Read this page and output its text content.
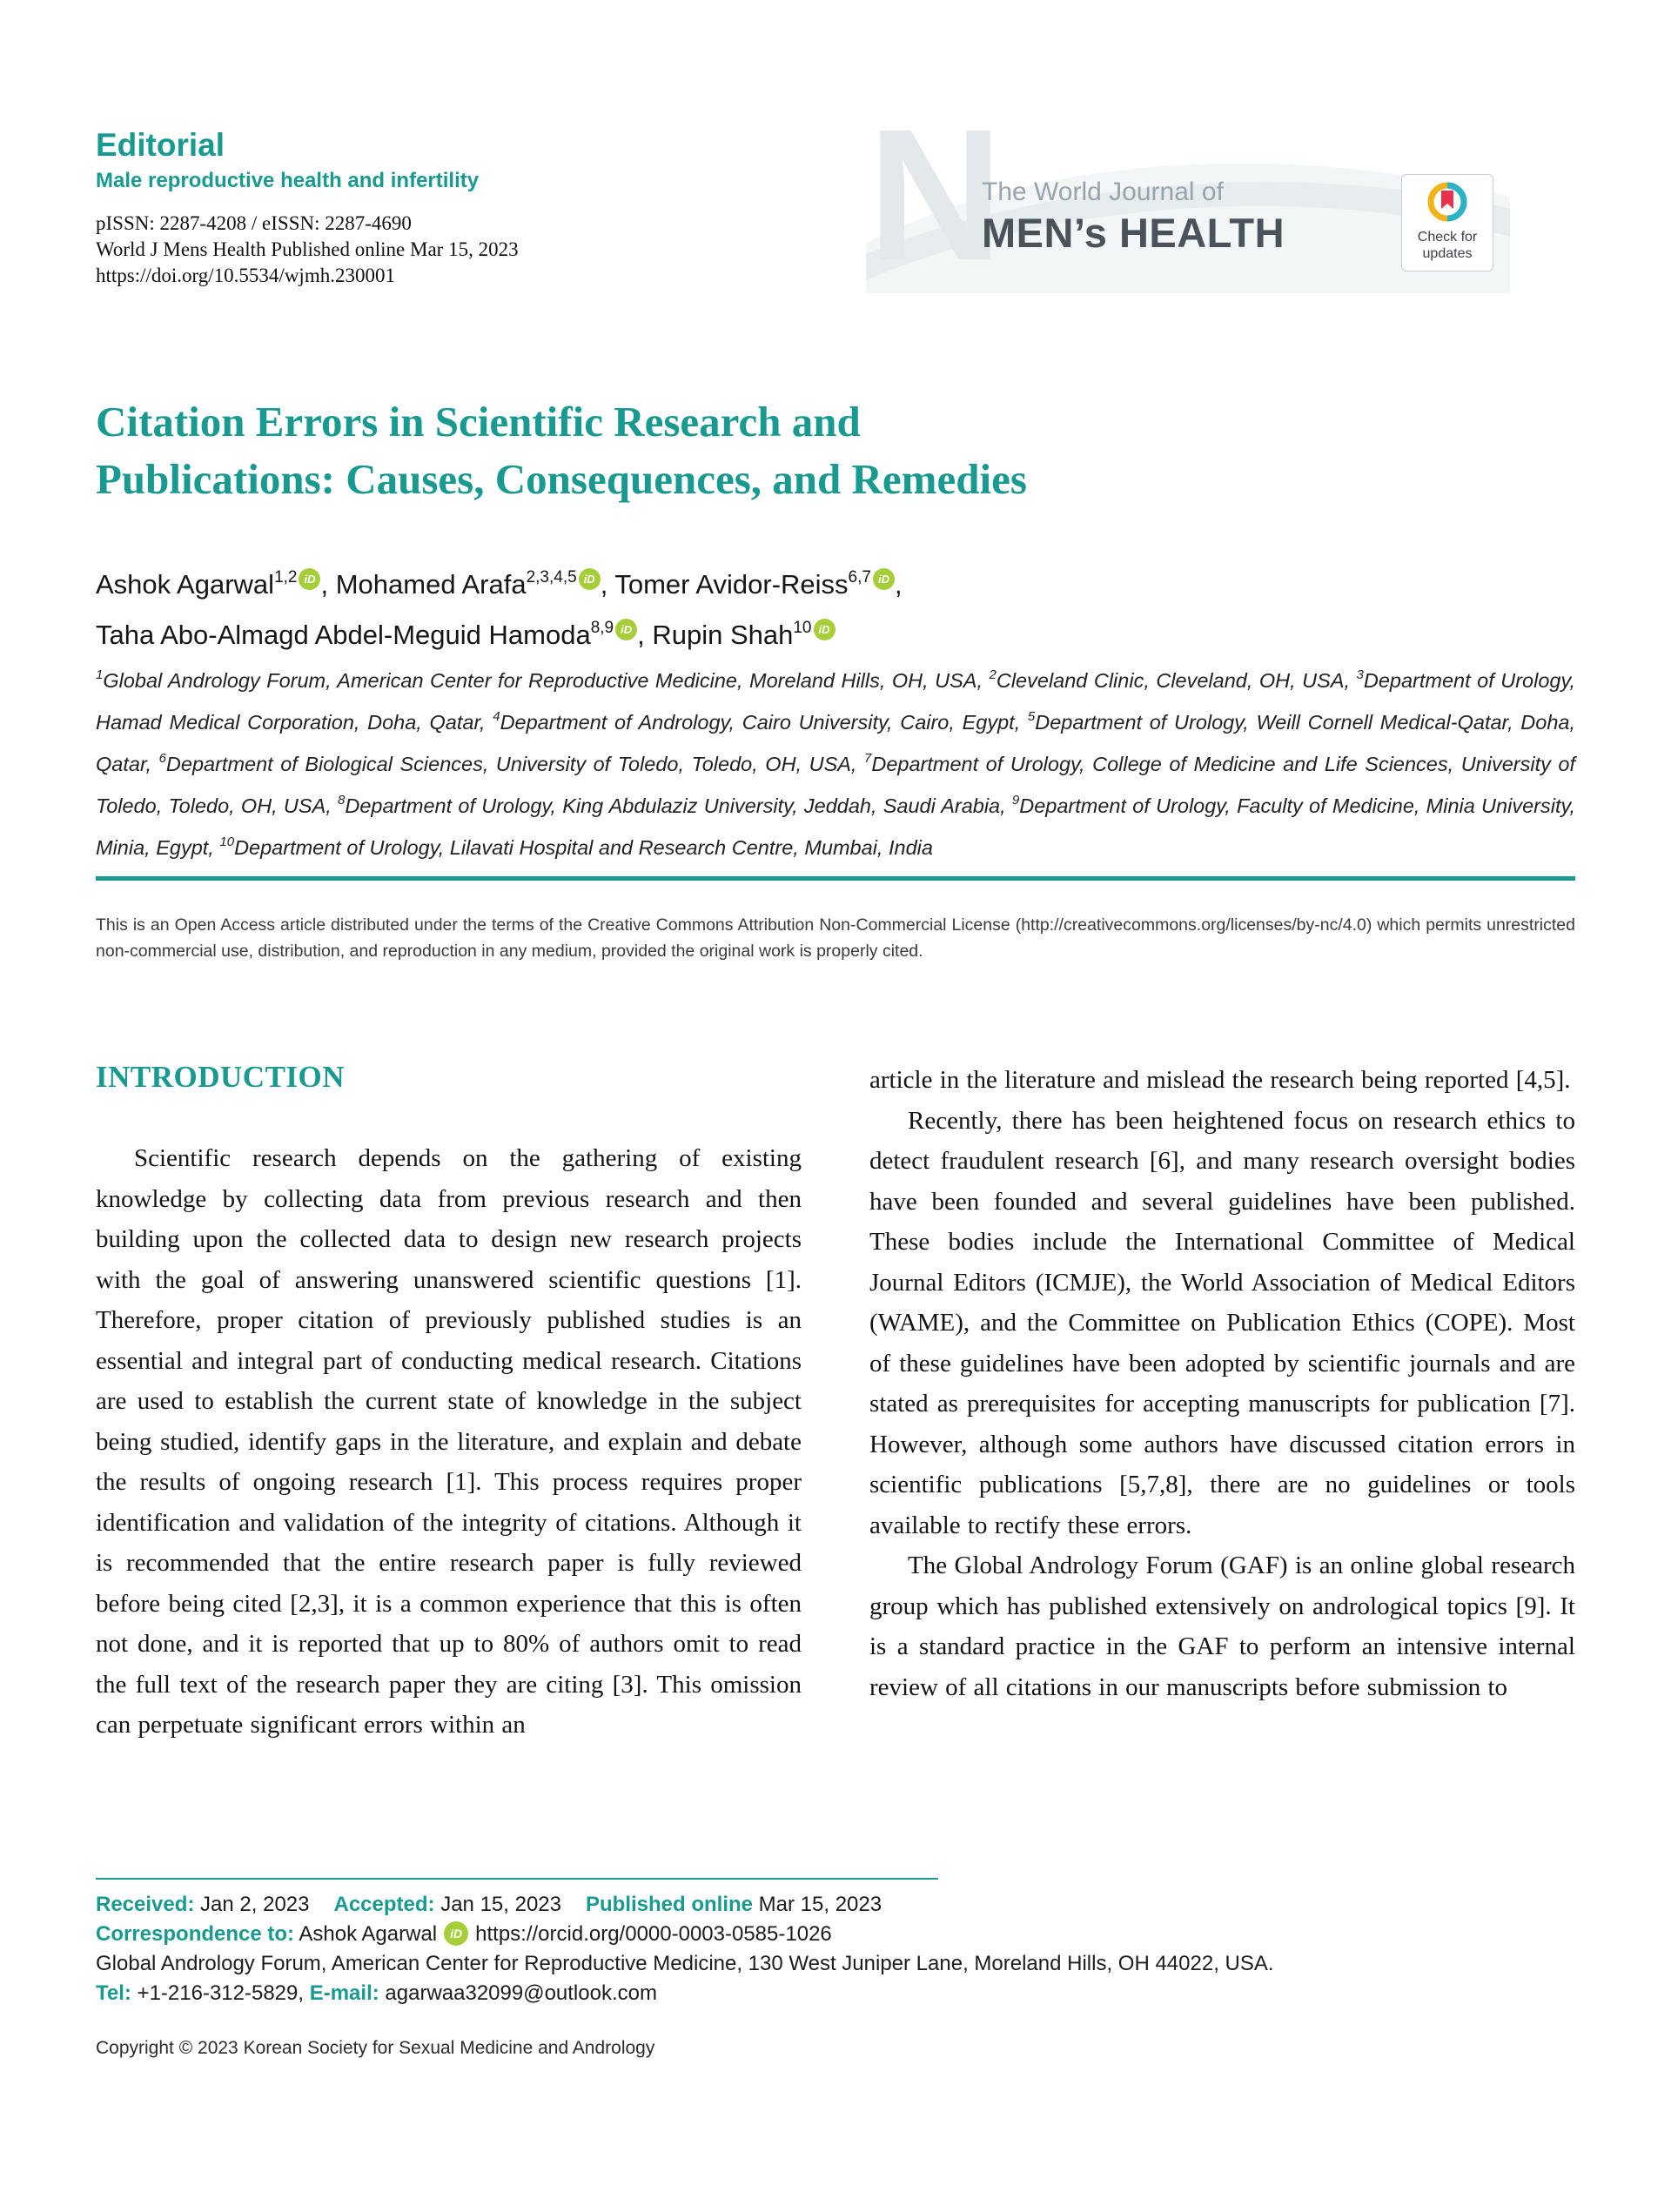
Editorial
Male reproductive health and infertility
pISSN: 2287-4208 / eISSN: 2287-4690
World J Mens Health Published online Mar 15, 2023
https://doi.org/10.5534/wjmh.230001	N
The World Journal of
MEN’s HEALTH	Check for
updates
Citation Errors in Scientific Research and
Publications: Causes, Consequences, and Remedies
Ashok Agarwal$^{1,2}$ iD , Mohamed Arafa$^{2,3,4,5}$ iD , Tomer Avidor-Reiss$^{6,7}$ iD ,
Taha Abo-Almagd Abdel-Meguid Hamoda$^{8,9}$ iD , Rupin Shah$^{10}$ iD
$^1$Global Andrology Forum, American Center for Reproductive Medicine, Moreland Hills, OH, USA, $^2$Cleveland Clinic, Cleveland, OH, USA, $^3$Department of Urology, Hamad Medical Corporation, Doha, Qatar, $^4$Department of Andrology, Cairo University, Cairo, Egypt, $^5$Department of Urology, Weill Cornell Medical-Qatar, Doha, Qatar, $^6$Department of Biological Sciences, University of Toledo, Toledo, OH, USA, $^7$Department of Urology, College of Medicine and Life Sciences, University of Toledo, Toledo, OH, USA, $^8$Department of Urology, King Abdulaziz University, Jeddah, Saudi Arabia, $^9$Department of Urology, Faculty of Medicine, Minia University, Minia, Egypt, $^{10}$Department of Urology, Lilavati Hospital and Research Centre, Mumbai, India
This is an Open Access article distributed under the terms of the Creative Commons Attribution Non-Commercial License (http://creativecommons.org/licenses/by-nc/4.0) which permits unrestricted non-commercial use, distribution, and reproduction in any medium, provided the original work is properly cited.
INTRODUCTION

Scientific research depends on the gathering of existing knowledge by collecting data from previous research and then building upon the collected data to design new research projects with the goal of answering unanswered scientific questions [1]. Therefore, proper citation of previously published studies is an essential and integral part of conducting medical research. Citations are used to establish the current state of knowledge in the subject being studied, identify gaps in the literature, and explain and debate the results of ongoing research [1]. This process requires proper identification and validation of the integrity of citations. Although it is recommended that the entire research paper is fully reviewed before being cited [2,3], it is a common experience that this is often not done, and it is reported that up to 80% of authors omit to read the full text of the research paper they are citing [3]. This omission can perpetuate significant errors within an

article in the literature and mislead the research being reported [4,5].

Recently, there has been heightened focus on research ethics to detect fraudulent research [6], and many research oversight bodies have been founded and several guidelines have been published. These bodies include the International Committee of Medical Journal Editors (ICMJE), the World Association of Medical Editors (WAME), and the Committee on Publication Ethics (COPE). Most of these guidelines have been adopted by scientific journals and are stated as prerequisites for accepting manuscripts for publication [7]. However, although some authors have discussed citation errors in scientific publications [5,7,8], there are no guidelines or tools available to rectify these errors.

The Global Andrology Forum (GAF) is an online global research group which has published extensively on andrological topics [9]. It is a standard practice in the GAF to perform an intensive internal review of all citations in our manuscripts before submission to

Received: Jan 2, 2023 Accepted: Jan 15, 2023 Published online Mar 15, 2023
Correspondence to: Ashok Agarwal iD https://orcid.org/0000-0003-0585-1026
Global Andrology Forum, American Center for Reproductive Medicine, 130 West Juniper Lane, Moreland Hills, OH 44022, USA.
Tel: +1-216-312-5829, E-mail: agarwaa32099@outlook.com
Copyright © 2023 Korean Society for Sexual Medicine and Andrology
